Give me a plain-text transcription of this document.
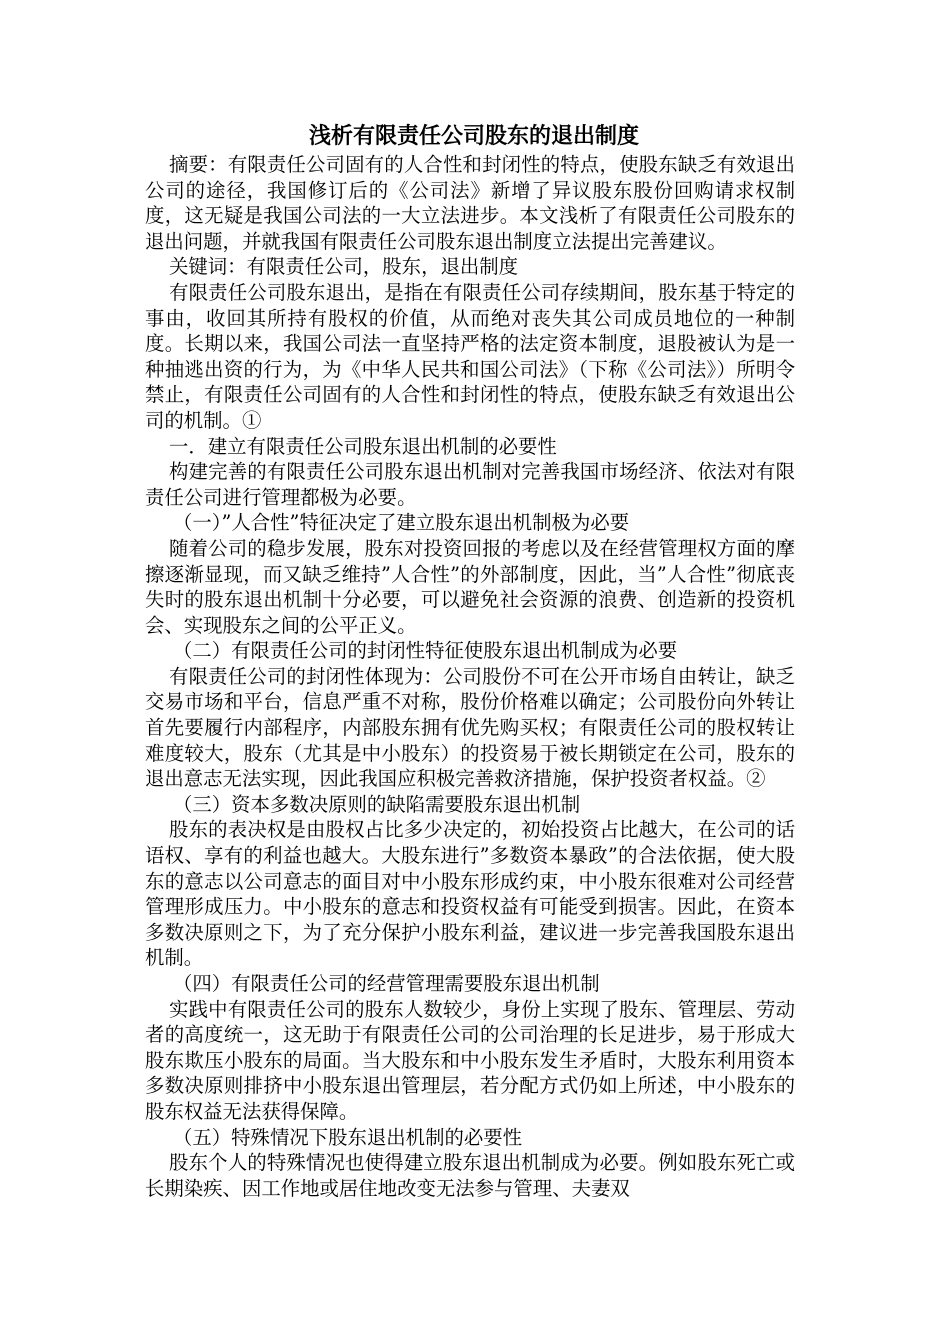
浅析有限责任公司股东的退出制度

摘要：有限责任公司固有的人合性和封闭性的特点，使股东缺乏有效退出公司的途径，我国修订后的《公司法》新增了异议股东股份回购请求权制度，这无疑是我国公司法的一大立法进步。本文浅析了有限责任公司股东的退出问题，并就我国有限责任公司股东退出制度立法提出完善建议。

关键词：有限责任公司，股东，退出制度

有限责任公司股东退出，是指在有限责任公司存续期间，股东基于特定的事由，收回其所持有股权的价值，从而绝对丧失其公司成员地位的一种制度。长期以来，我国公司法一直坚持严格的法定资本制度，退股被认为是一种抽逃出资的行为，为《中华人民共和国公司法》（下称《公司法》）所明令禁止，有限责任公司固有的人合性和封闭性的特点，使股东缺乏有效退出公司的机制。①

一．建立有限责任公司股东退出机制的必要性

构建完善的有限责任公司股东退出机制对完善我国市场经济、依法对有限责任公司进行管理都极为必要。

（一）”人合性”特征决定了建立股东退出机制极为必要

随着公司的稳步发展，股东对投资回报的考虑以及在经营管理权方面的摩擦逐渐显现，而又缺乏维持”人合性”的外部制度，因此，当”人合性”彻底丧失时的股东退出机制十分必要，可以避免社会资源的浪费、创造新的投资机会、实现股东之间的公平正义。

（二）有限责任公司的封闭性特征使股东退出机制成为必要

有限责任公司的封闭性体现为：公司股份不可在公开市场自由转让，缺乏交易市场和平台，信息严重不对称，股份价格难以确定；公司股份向外转让首先要履行内部程序，内部股东拥有优先购买权；有限责任公司的股权转让难度较大，股东（尤其是中小股东）的投资易于被长期锁定在公司，股东的退出意志无法实现，因此我国应积极完善救济措施，保护投资者权益。②

（三）资本多数决原则的缺陷需要股东退出机制

股东的表决权是由股权占比多少决定的，初始投资占比越大，在公司的话语权、享有的利益也越大。大股东进行”多数资本暴政”的合法依据，使大股东的意志以公司意志的面目对中小股东形成约束，中小股东很难对公司经营管理形成压力。中小股东的意志和投资权益有可能受到损害。因此，在资本多数决原则之下，为了充分保护小股东利益，建议进一步完善我国股东退出机制。

（四）有限责任公司的经营管理需要股东退出机制

实践中有限责任公司的股东人数较少，身份上实现了股东、管理层、劳动者的高度统一，这无助于有限责任公司的公司治理的长足进步，易于形成大股东欺压小股东的局面。当大股东和中小股东发生矛盾时，大股东利用资本多数决原则排挤中小股东退出管理层，若分配方式仍如上所述，中小股东的股东权益无法获得保障。

（五）特殊情况下股东退出机制的必要性

股东个人的特殊情况也使得建立股东退出机制成为必要。例如股东死亡或长期染疾、因工作地或居住地改变无法参与管理、夫妻双
